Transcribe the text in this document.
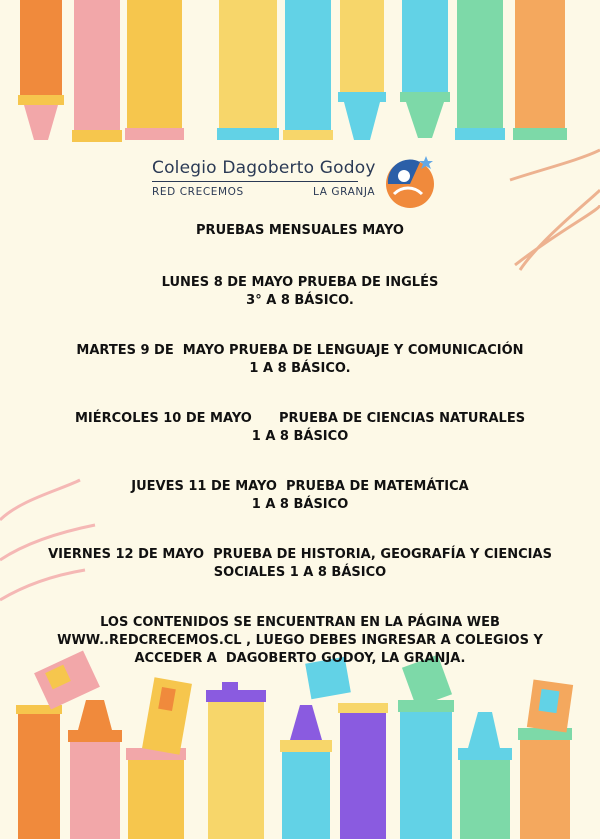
Colegio Dagoberto Godoy
RED CRECEMOS	LA GRANJA

PRUEBAS MENSUALES MAYO

LUNES 8 DE MAYO PRUEBA DE INGLÉS

3° A 8 BÁSICO.

MARTES 9 DE  MAYO PRUEBA DE LENGUAJE Y COMUNICACIÓN

1 A 8 BÁSICO.

MIÉRCOLES 10 DE MAYO      PRUEBA DE CIENCIAS NATURALES

1 A 8 BÁSICO

JUEVES 11 DE MAYO  PRUEBA DE MATEMÁTICA

1 A 8 BÁSICO

VIERNES 12 DE MAYO  PRUEBA DE HISTORIA, GEOGRAFÍA Y CIENCIAS

SOCIALES 1 A 8 BÁSICO

LOS CONTENIDOS SE ENCUENTRAN EN LA PÁGINA WEB

WWW..REDCRECEMOS.CL , LUEGO DEBES INGRESAR A COLEGIOS Y

ACCEDER A  DAGOBERTO GODOY, LA GRANJA.
